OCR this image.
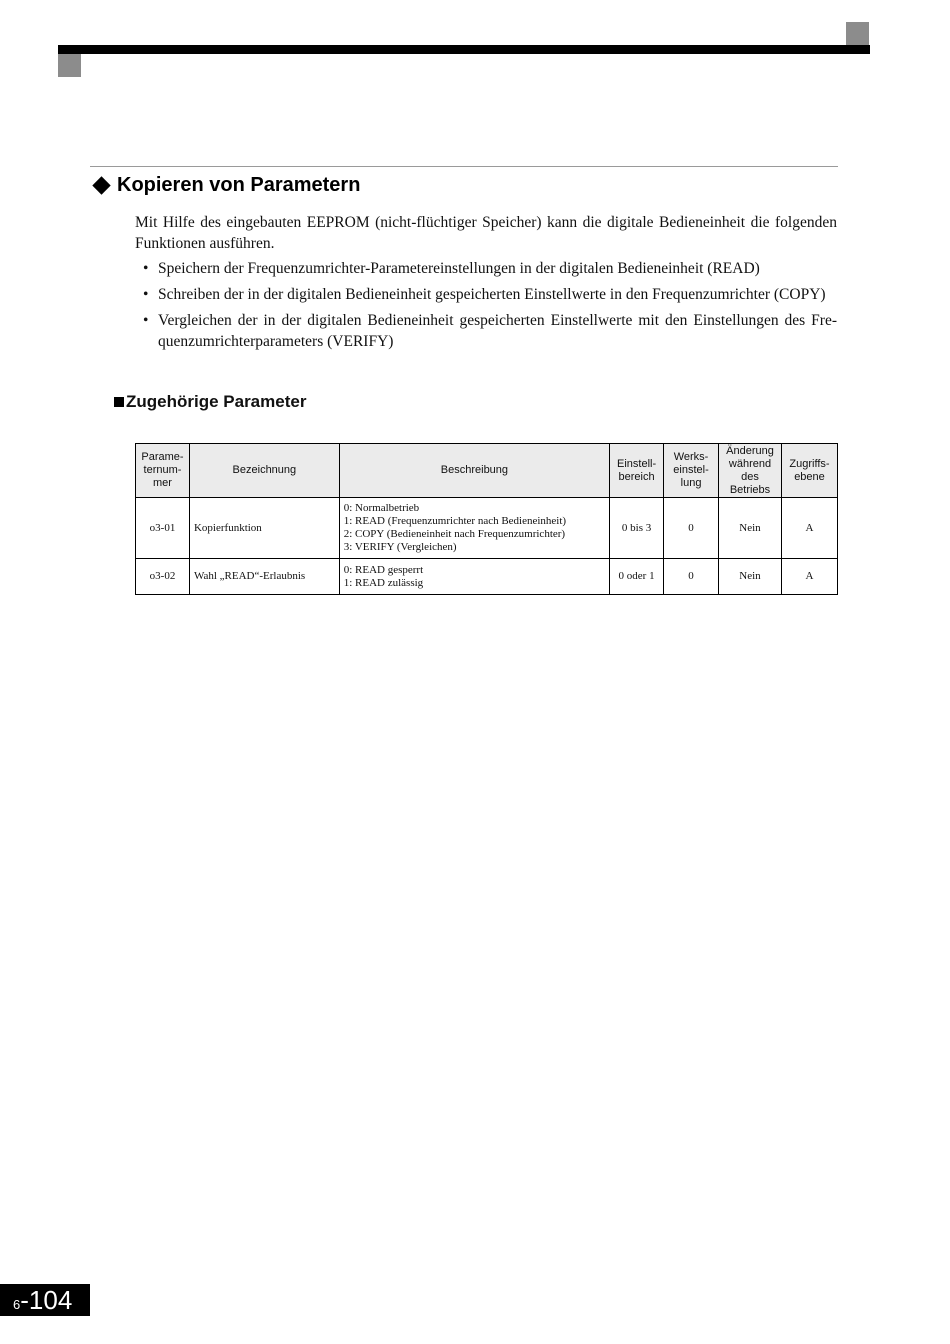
Kopieren von Parametern

Mit Hilfe des eingebauten EEPROM (nicht-flüchtiger Speicher) kann die digitale Bedieneinheit die folgenden Funktionen ausführen.

• Speichern der Frequenzumrichter-Parametereinstellungen in der digitalen Bedieneinheit (READ)
• Schreiben der in der digitalen Bedieneinheit gespeicherten Einstellwerte in den Frequenzumrichter (COPY)
• Vergleichen der in der digitalen Bedieneinheit gespeicherten Einstellwerte mit den Einstellungen des Fre-quenzumrichterparameters (VERIFY)
Zugehörige Parameter
Parame-
ternum-
mer	Bezeichnung	Beschreibung	Einstell-
bereich	Werks-
einstel-
lung	Änderung
während
des
Betriebs	Zugriffs-
ebene

o3-01	Kopierfunktion	0: Normalbetrieb
1: READ (Frequenzumrichter nach Bedieneinheit)
2: COPY (Bedieneinheit nach Frequenzumrichter)
3: VERIFY (Vergleichen)	0 bis 3	0	Nein	A
o3-02	Wahl „READ“-Erlaubnis	0: READ gesperrt
1: READ zulässig	0 oder 1	0	Nein	A
6 -104
